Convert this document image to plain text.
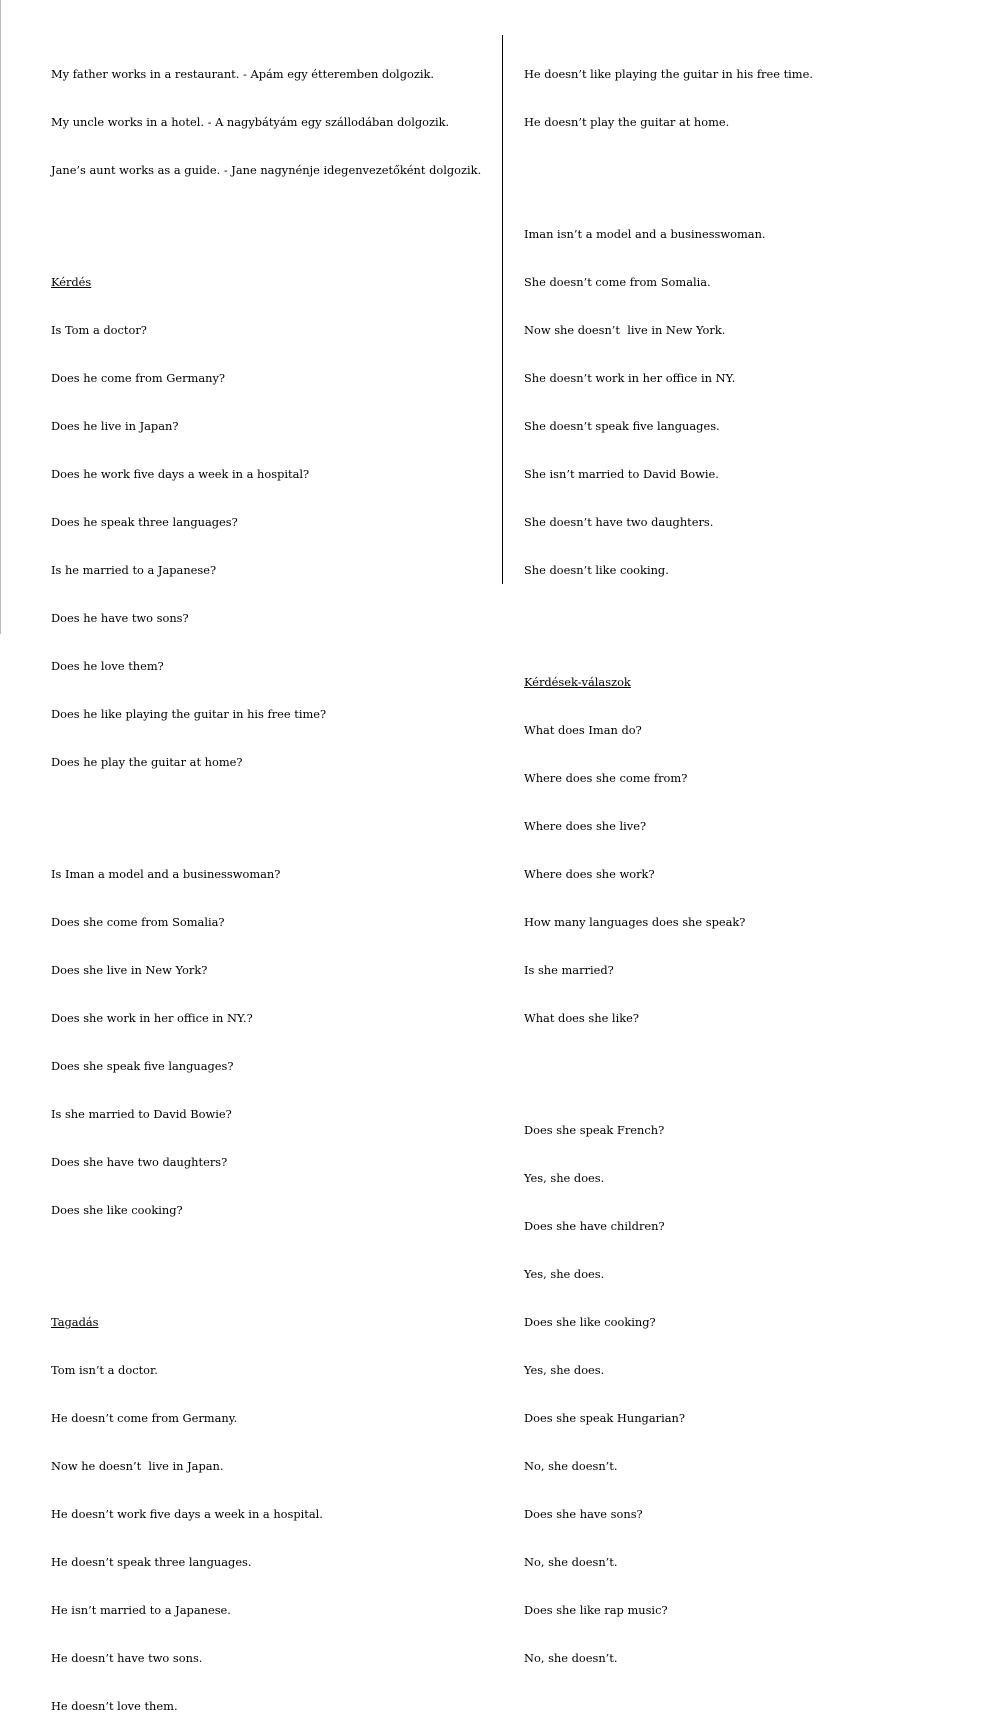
My father works in a restaurant. - Apám egy étteremben dolgozik.

My uncle works in a hotel. - A nagybátyám egy szállodában dolgozik.

Jane’s aunt works as a guide. - Jane nagynénje idegenvezetőként dolgozik.

Kérdés

Is Tom a doctor?

Does he come from Germany?

Does he live in Japan?

Does he work five days a week in a hospital?

Does he speak three languages?

Is he married to a Japanese?

Does he have two sons?

Does he love them?

Does he like playing the guitar in his free time?

Does he play the guitar at home?

Is Iman a model and a businesswoman?

Does she come from Somalia?

Does she live in New York?

Does she work in her office in NY.?

Does she speak five languages?

Is she married to David Bowie?

Does she have two daughters?

Does she like cooking?

Tagadás

Tom isn’t a doctor.

He doesn’t come from Germany.

Now he doesn’t  live in Japan.

He doesn’t work five days a week in a hospital.

He doesn’t speak three languages.

He isn’t married to a Japanese.

He doesn’t have two sons.

He doesn’t love them.

He doesn’t like playing the guitar in his free time.

He doesn’t play the guitar at home.

Iman isn’t a model and a businesswoman.

She doesn’t come from Somalia.

Now she doesn’t  live in New York.

She doesn’t work in her office in NY.

She doesn’t speak five languages.

She isn’t married to David Bowie.

She doesn’t have two daughters.

She doesn’t like cooking.

Kérdések-válaszok

What does Iman do?

Where does she come from?

Where does she live?

Where does she work?

How many languages does she speak?

Is she married?

What does she like?

Does she speak French?

Yes, she does.

Does she have children?

Yes, she does.

Does she like cooking?

Yes, she does.

Does she speak Hungarian?

No, she doesn’t.

Does she have sons?

No, she doesn’t.

Does she like rap music?

No, she doesn’t.
